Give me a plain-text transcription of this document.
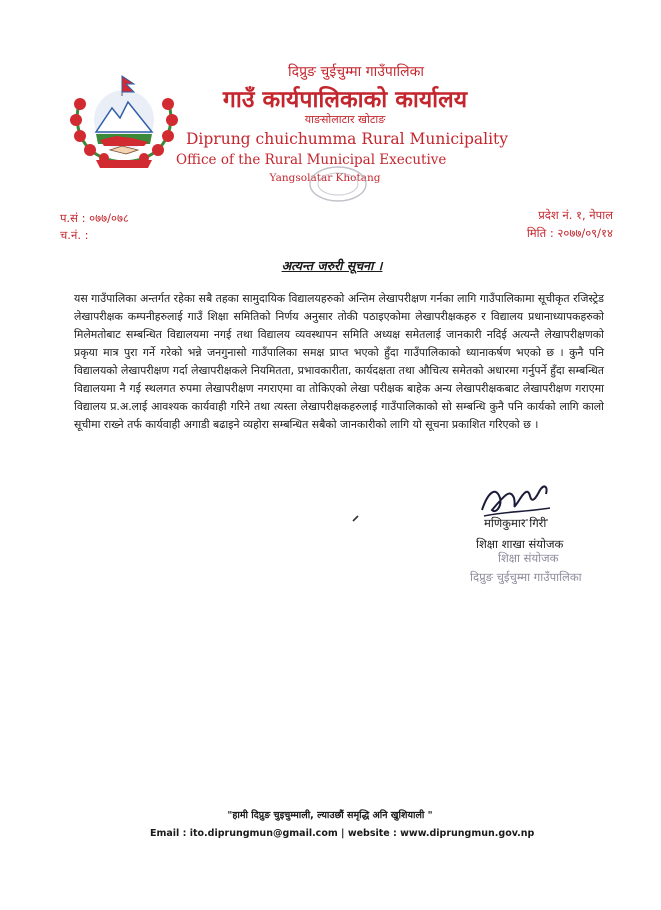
दिप्रुङ चुईचुम्मा गाउँपालिका
गाउँ कार्यपालिकाको कार्यालय
याङसोलाटार खोटाङ
Diprung chuichumma Rural Municipality
Office of the Rural Municipal Executive
Yangsolatar Khotang
प.सं : ०७७/०७८
च.नं. :
प्रदेश नं. १, नेपाल
मिति : २०७७/०९/१४
अत्यन्त जरुरी सूचना ।

यस गाउँपालिका अन्तर्गत रहेका सबै तहका सामुदायिक विद्यालयहरुको अन्तिम लेखापरीक्षण गर्नका लागि गाउँपालिकामा सूचीकृत रजिस्ट्रेड लेखापरीक्षक कम्पनीहरुलाई गाउँ शिक्षा समितिको निर्णय अनुसार तोकी पठाइएकोमा लेखापरीक्षकहरु र विद्यालय प्रधानाध्यापकहरुको मिलेमतोबाट सम्बन्धित विद्यालयमा नगई तथा विद्यालय व्यवस्थापन समिति अध्यक्ष समेतलाई जानकारी नदिई अत्यन्तै लेखापरीक्षणको प्रकृया मात्र पुरा गर्ने गरेको भन्ने जनगुनासो गाउँपालिका समक्ष प्राप्त भएको हुँदा गाउँपालिकाको ध्यानाकर्षण भएको छ । कुनै पनि विद्यालयको लेखापरीक्षण गर्दा लेखापरीक्षकले नियमितता, प्रभावकारीता, कार्यदक्षता तथा औचित्य समेतको अधारमा गर्नुपर्ने हुँदा सम्बन्धित विद्यालयमा नै गई स्थलगत रुपमा लेखापरीक्षण नगराएमा वा तोकिएको लेखा परीक्षक बाहेक अन्य लेखापरीक्षकबाट लेखापरीक्षण गराएमा विद्यालय प्र.अ.लाई आवश्यक कार्यवाही गरिने तथा त्यस्ता लेखापरीक्षकहरुलाई गाउँपालिकाको सो सम्बन्धि कुनै पनि कार्यको लागि कालो सूचीमा राख्ने तर्फ कार्यवाही अगाडी बढाइने व्यहोरा सम्बन्धित सबैको जानकारीको लागि यो सूचना प्रकाशित गरिएको छ ।

मणिकुमार गिरी
शिक्षा शाखा संयोजक
शिक्षा संयोजक
दिप्रुङ चुईचुम्मा गाउँपालिका
"हामी दिप्रुङ चुइचुम्माली, ल्याउछौं समृद्धि अनि खुशियाली "
Email : ito.diprungmun@gmail.com | website : www.diprungmun.gov.np
